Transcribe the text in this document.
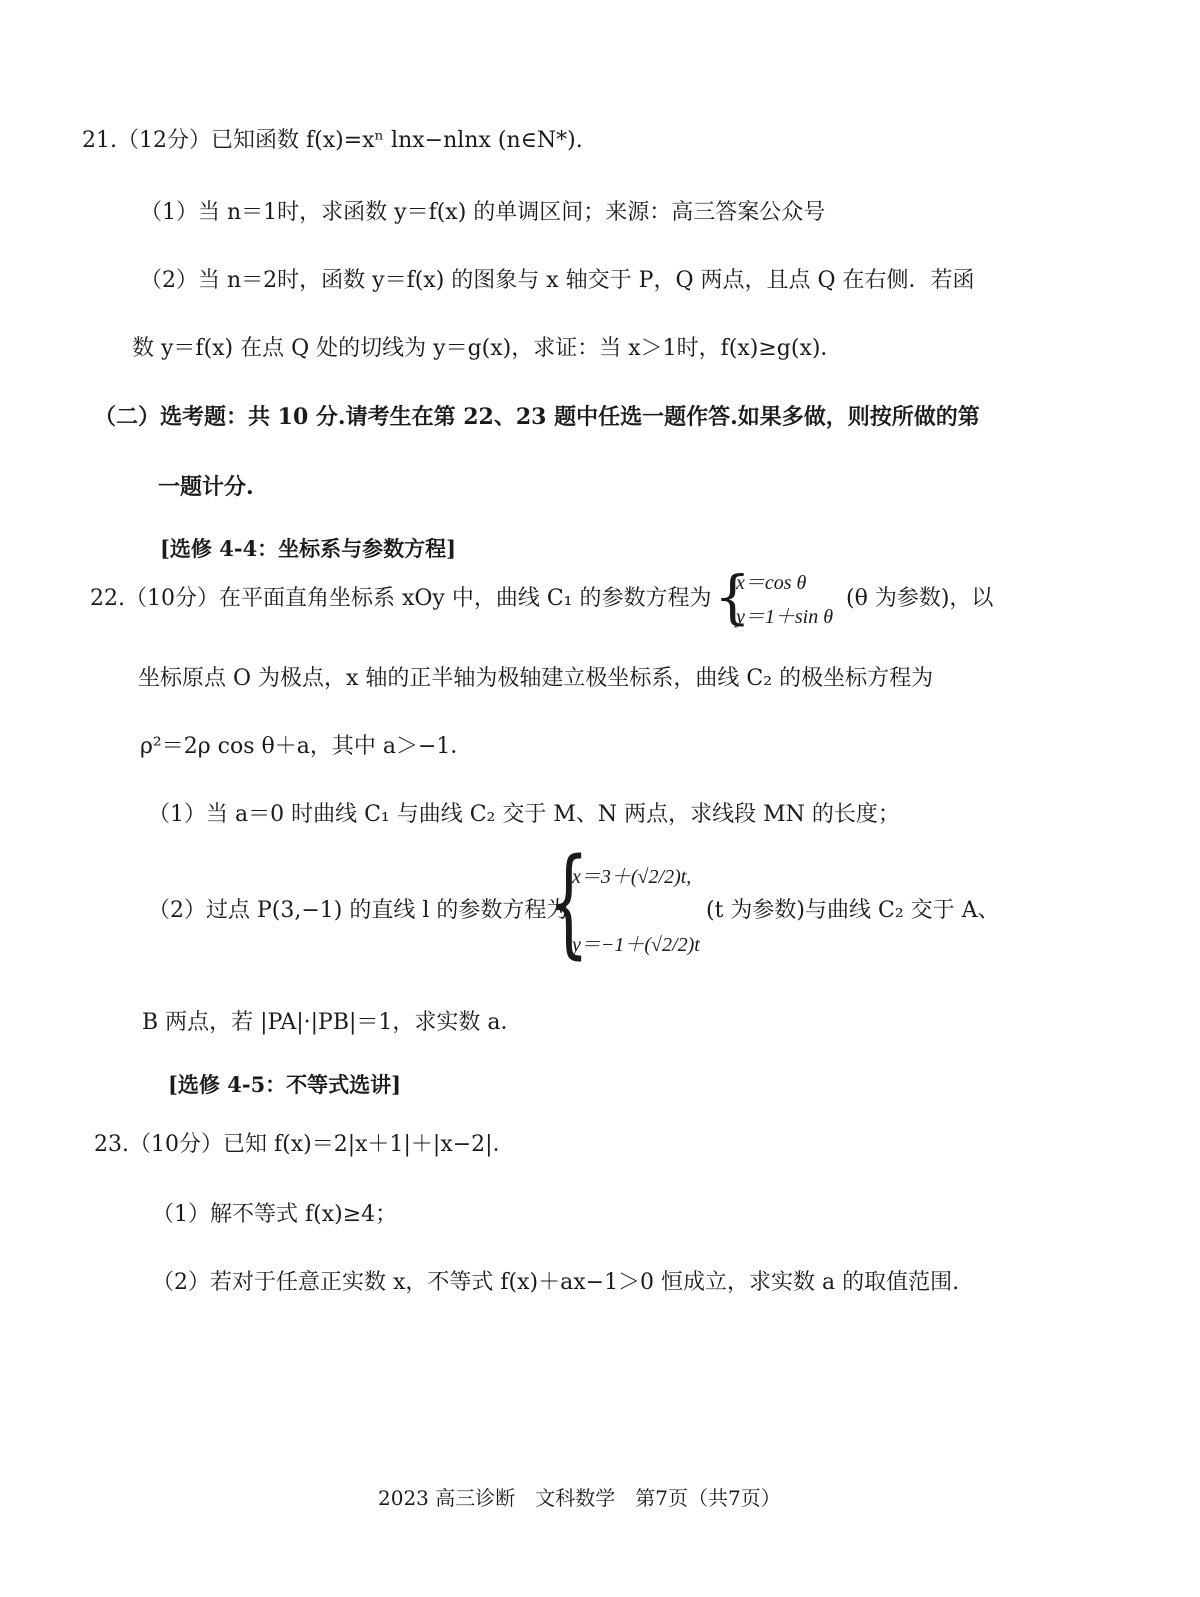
21.（12分）已知函数 f(x)=xⁿ lnx−nlnx (n∈N*).
（1）当 n＝1时，求函数 y＝f(x) 的单调区间；来源：高三答案公众号
（2）当 n＝2时，函数 y＝f(x) 的图象与 x 轴交于 P，Q 两点，且点 Q 在右侧．若函
数 y＝f(x) 在点 Q 处的切线为 y＝g(x)，求证：当 x＞1时，f(x)≥g(x)．
（二）选考题：共 10 分.请考生在第 22、23 题中任选一题作答.如果多做，则按所做的第
一题计分.
[选修 4-4：坐标系与参数方程]
22.（10分）在平面直角坐标系 xOy 中，曲线 C₁ 的参数方程为 {
x＝cos θ
y＝1＋sin θ
(θ 为参数)，以
坐标原点 O 为极点，x 轴的正半轴为极轴建立极坐标系，曲线 C₂ 的极坐标方程为
ρ²＝2ρ cos θ＋a，其中 a＞−1．
（1）当 a＝0 时曲线 C₁ 与曲线 C₂ 交于 M、N 两点，求线段 MN 的长度；
（2）过点 P(3,−1) 的直线 l 的参数方程为
{
x＝3＋(√2/2)t,
y＝−1＋(√2/2)t
(t 为参数)与曲线 C₂ 交于 A、
B 两点，若 |PA|·|PB|＝1，求实数 a．
[选修 4-5：不等式选讲]
23.（10分）已知 f(x)＝2|x＋1|＋|x−2|．
（1）解不等式 f(x)≥4；
（2）若对于任意正实数 x，不等式 f(x)＋ax−1＞0 恒成立，求实数 a 的取值范围.
2023 高三诊断　文科数学　第7页（共7页）
